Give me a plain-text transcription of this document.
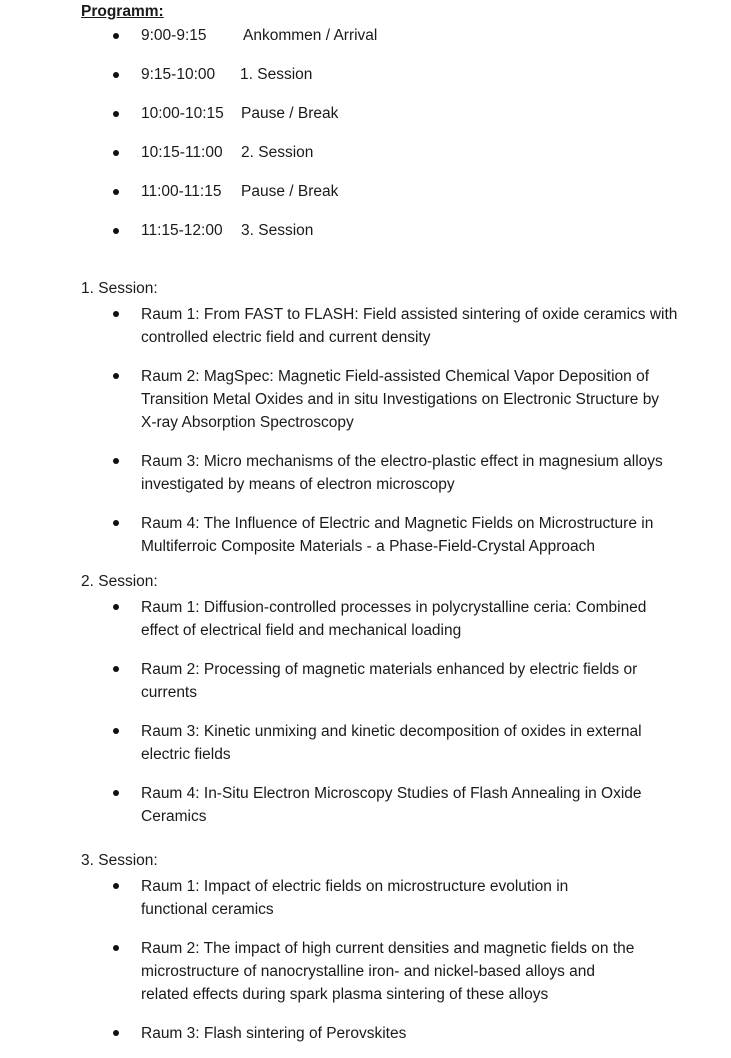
Programm:
9:00-9:15 Ankommen / Arrival
9:15-10:00 1. Session
10:00-10:15 Pause / Break
10:15-11:00 2. Session
11:00-11:15 Pause / Break
11:15-12:00 3. Session
1. Session:
Raum 1: From FAST to FLASH: Field assisted sintering of oxide ceramics with
controlled electric field and current density
Raum 2: MagSpec: Magnetic Field-assisted Chemical Vapor Deposition of
Transition Metal Oxides and in situ Investigations on Electronic Structure by
X-ray Absorption Spectroscopy
Raum 3: Micro mechanisms of the electro-plastic effect in magnesium alloys
investigated by means of electron microscopy
Raum 4: The Influence of Electric and Magnetic Fields on Microstructure in
Multiferroic Composite Materials - a Phase-Field-Crystal Approach
2. Session:
Raum 1: Diffusion-controlled processes in polycrystalline ceria: Combined
effect of electrical field and mechanical loading
Raum 2: Processing of magnetic materials enhanced by electric fields or
currents
Raum 3: Kinetic unmixing and kinetic decomposition of oxides in external
electric fields
Raum 4: In-Situ Electron Microscopy Studies of Flash Annealing in Oxide
Ceramics
3. Session:
Raum 1: Impact of electric fields on microstructure evolution in
functional ceramics
Raum 2: The impact of high current densities and magnetic fields on the
microstructure of nanocrystalline iron- and nickel-based alloys and
related effects during spark plasma sintering of these alloys
Raum 3: Flash sintering of Perovskites
